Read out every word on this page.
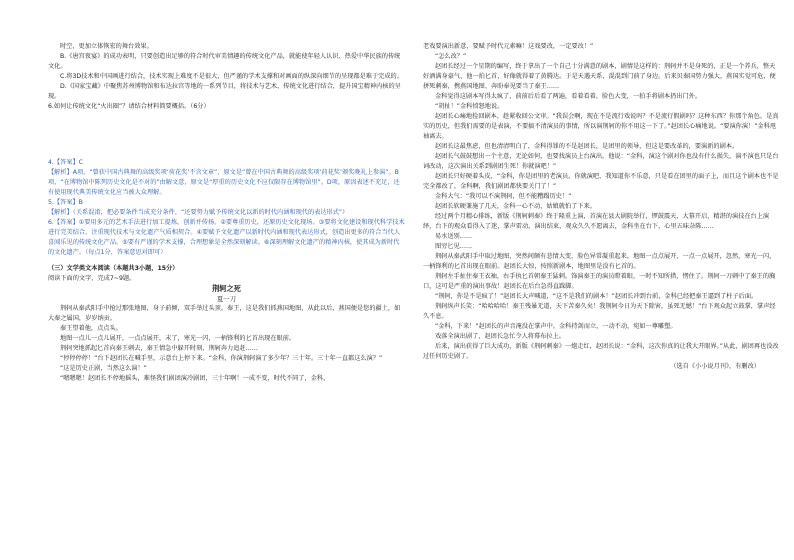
时空，更加立体恢宏的舞台效果。

B.《唐宫夜宴》的成功表明，只要创造出足够的符合时代审美情趣的传统文化产品，就能使年轻人认识、热爱中华民族的传统文化。

C.将3D技术和中国画进行结合，技术实现上难度不是很大，但严谨的学术支撑和对画面的纵深向细节的呈现都是难于完成的。

D.《国家宝藏》中聚焦苏州博物馆和布达拉宫等地的一系列节目，将技术与艺术、传统文化进行结合，提升国宝精神内核的呈现。

6.如何让传统文化“火出圈”？请结合材料简要概括。（6分）

4.【答案】C

【解析】A项，“曾获中国古典舞的高级奖项‘荷花奖’不含文章”，原文是“曾在中国古典舞的高级奖项‘荷花奖’颁奖晚礼上参演”。B项，“在博物馆中陈列历史文化是不对的”由解文意，原文是“厚重的历史文化不应仅限存在博物馆里”。D项，原因表述不充足，还有使用现代典美传统文化应当被大众理解。

5.【答案】B

【解析】（关系混淆，把必要条件当成充分条件，“还要努力赋予传统文化以新的时代内涵和现代的表达形式”）

6.【答案】①要用多元的艺术手法进行加工提炼，创新并传扬。②要尊重历史，还原历史文化现场。③要将文化建设和现代科学技术进行完美结合，注重现代技术与文化遗产气质相契合。④要赋予文化遗产以新时代内涵和现代表达形式，创造出更多的符合当代人喜闻乐见的传统文化产品。⑤要有严谨的学术支撑，合理想象是全然深刻解读。⑥深刻理解文化遗产的精神内核，使其成为新时代的文化遗产。（每点1分，答案意思对即可）

（三）文学类文本阅读（本题共3小题，15分）

阅读下面的文字，完成7~9题。

荆轲之死

夏一刀

荆轲从秦武阳手中抢过那张地图，身子前倾，双手举过头顶。秦王，这是我们抓燕国地图，从此以后，燕国便是您的疆土，如大秦之属国，岁岁纳贡。

秦王望着他，点点头。

地图一点儿一点儿展开，一点点展开，末了，寒光一闪，一柄锋利的匕首出现在眼前。

荆轲突地抓起匕首向秦王刺去，秦王情急中躲开时刻，荆轲奔力追赶……

“停停停停！”台下赵团长在喊手里，示意台上停下来。“金科，你演荆轲演了多少年？三十年。三十年一直都这么演？”

“这是历史正剧，当然这么演！”

“嗯嗯嗯！赵团长不停地摇头，难怪我们剧团演冷剧团，三十年啊！一成不变，时代不同了，金科，

老戏要演出新意，要赋予时代元素嘛！这戏要改，一定要改！”

“怎么改？”

赵团长经过一个星期的编写，终于拿出了一个自己十分满意的剧本，剧情是这样的：荆轲并不是身死的，正是一个养兵，整天好酒满身豪气，他一拍匕首，好像就得着了黄腾达。于是天遇天系，混混到门前了身边。后来贝秦国势力强大，燕国实觉可危，便拼死刺秦，携燕国地图、奔盼奉见要当了秦王……

金科觉得这剧本写得太疯了，前前后后看了两遍，看着看着，脸色大变，一拍手将剧本扔出门外。

“胡扯！”金科愤怒地说。

赵团长心痛地捡回剧本，趁紧收回公文审。“我误会啊，现在不是流行戏说吗？不是流行假剧吗？这种东西？你那个角色，是真实的历史，但我们需要的是表演，不要搞不清演员的事情，所以演荆轲的你不用这一下了。”赵团长心痛地说。“要演你演！”金科甩袖离去。

赵团长这最焦虑，但也清清明白了，金科得罪的不是赵团长，是团里的领导，但这是要改革的，要演新的剧本。

赵团长气鼓鼓想出一个主意，无论如何，也要找演员上台演出，他说：“金科，演这个剧对你也没有什么损失，演不演也只是台词改动，这次演出关系到剧团生死！你就演吧！”

赵团长只好硬着头皮，“金科，你是团里的老演员，你就演吧，我知道你不乐意，只是看在团里的面子上，而且这个剧本也不是完全都改了，金科啊，我们剧团都快要关门了！”

金科大气：“我可以不演荆轲，但不能糟蹋历史！”

赵团长软硬兼施了几天，金科一心不动，姑娘就怕了下来。

经过两个月精心排练，新版《荆轲刺秦》终于隆重上演，首演在县大剧院举行，锣鼓震天，大幕开启，精湛的演技在台上演绎，台下的观众看得入了迷，掌声雷动，演出结束，观众久久不愿离去，金科坐在台下，心里五味杂陈……

易水送别……

图穷匕见……

荆轲从秦武阳手中取过地图，突然间颇有悲情大变，脸色异常凝重起来。地图一点点展开，一点一点展开，忽然，寒光一闪，一柄锋利的匕首出现在眼前。赵团长大惊，按照新剧本，地图里是没有匕首的。

荆轲左手扯住秦王衣袖，右手执匕首朝秦王猛刺。饰演秦王的演员瞪着眼，一时不知所措，愣住了。荆轲一刀刺中了秦王的胸口，这可是严重的演出事故！赵团长在后台急得直跺脚。

“荆轲，你是不是疯了！”赵团长大声喊道，“这不是我们的剧本！”赵团长冲到台前，金科已经把秦王逼到了柱子后面。

荆轲纵声长笑：“哈哈哈哈！秦王残暴无道，天下苦秦久矣！我荆轲今日为天下除害，虽死无憾！”台下观众起立鼓掌，掌声经久不息。

“金科，下来！”赵团长的声音淹没在掌声中。金科持剑而立，一动不动，宛如一尊雕塑。

戏落全演出剧了，赵团长急忙令人将幕布拉上。

后来，演出获得了巨大成功，新版《荆轲刺秦》一炮走红，赵团长说：“金科，这次你真的让我大开眼界。”从此，剧团再也没改过任何历史剧了。

（选自《小小说月刊》，有删改）
